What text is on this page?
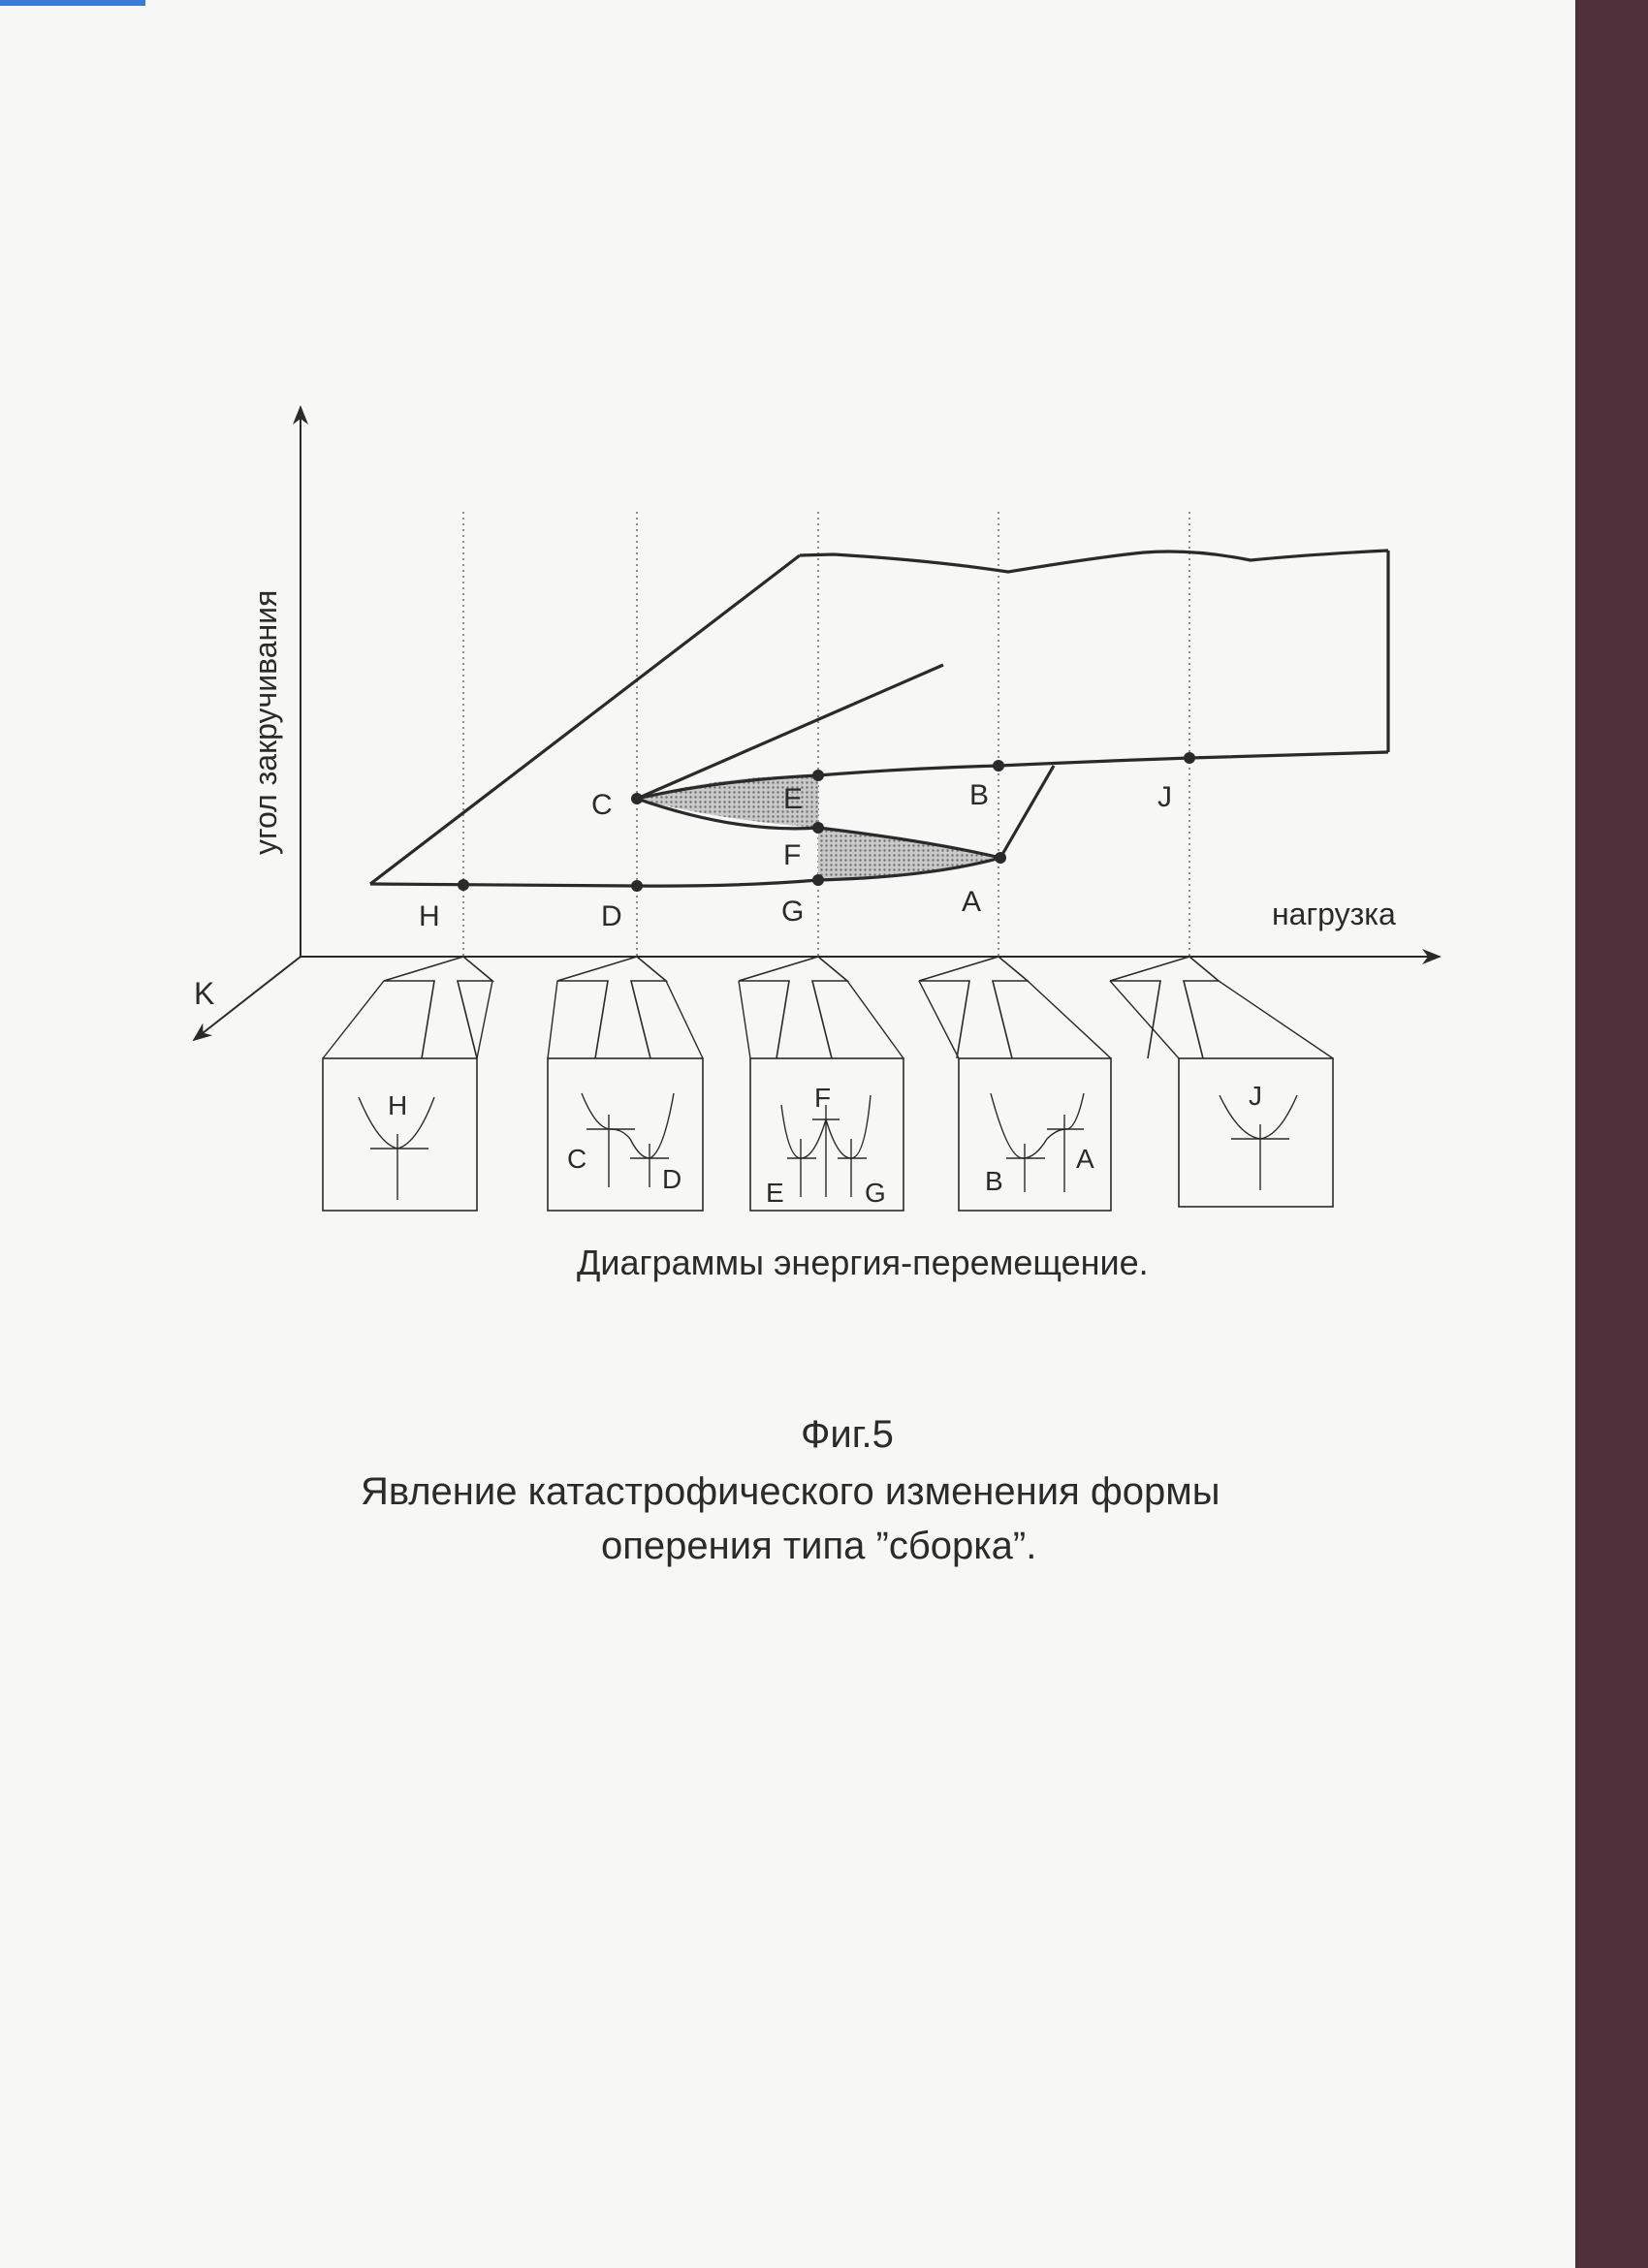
угол закручивания
нагрузка
K
H	D	G	A
C	E
F
B	J
H
C
D
F
E	G	B
A
J
Диаграммы энергия-перемещение.
Фиг.5
Явление катастрофического изменения формы
оперения типа ”сборка”.
